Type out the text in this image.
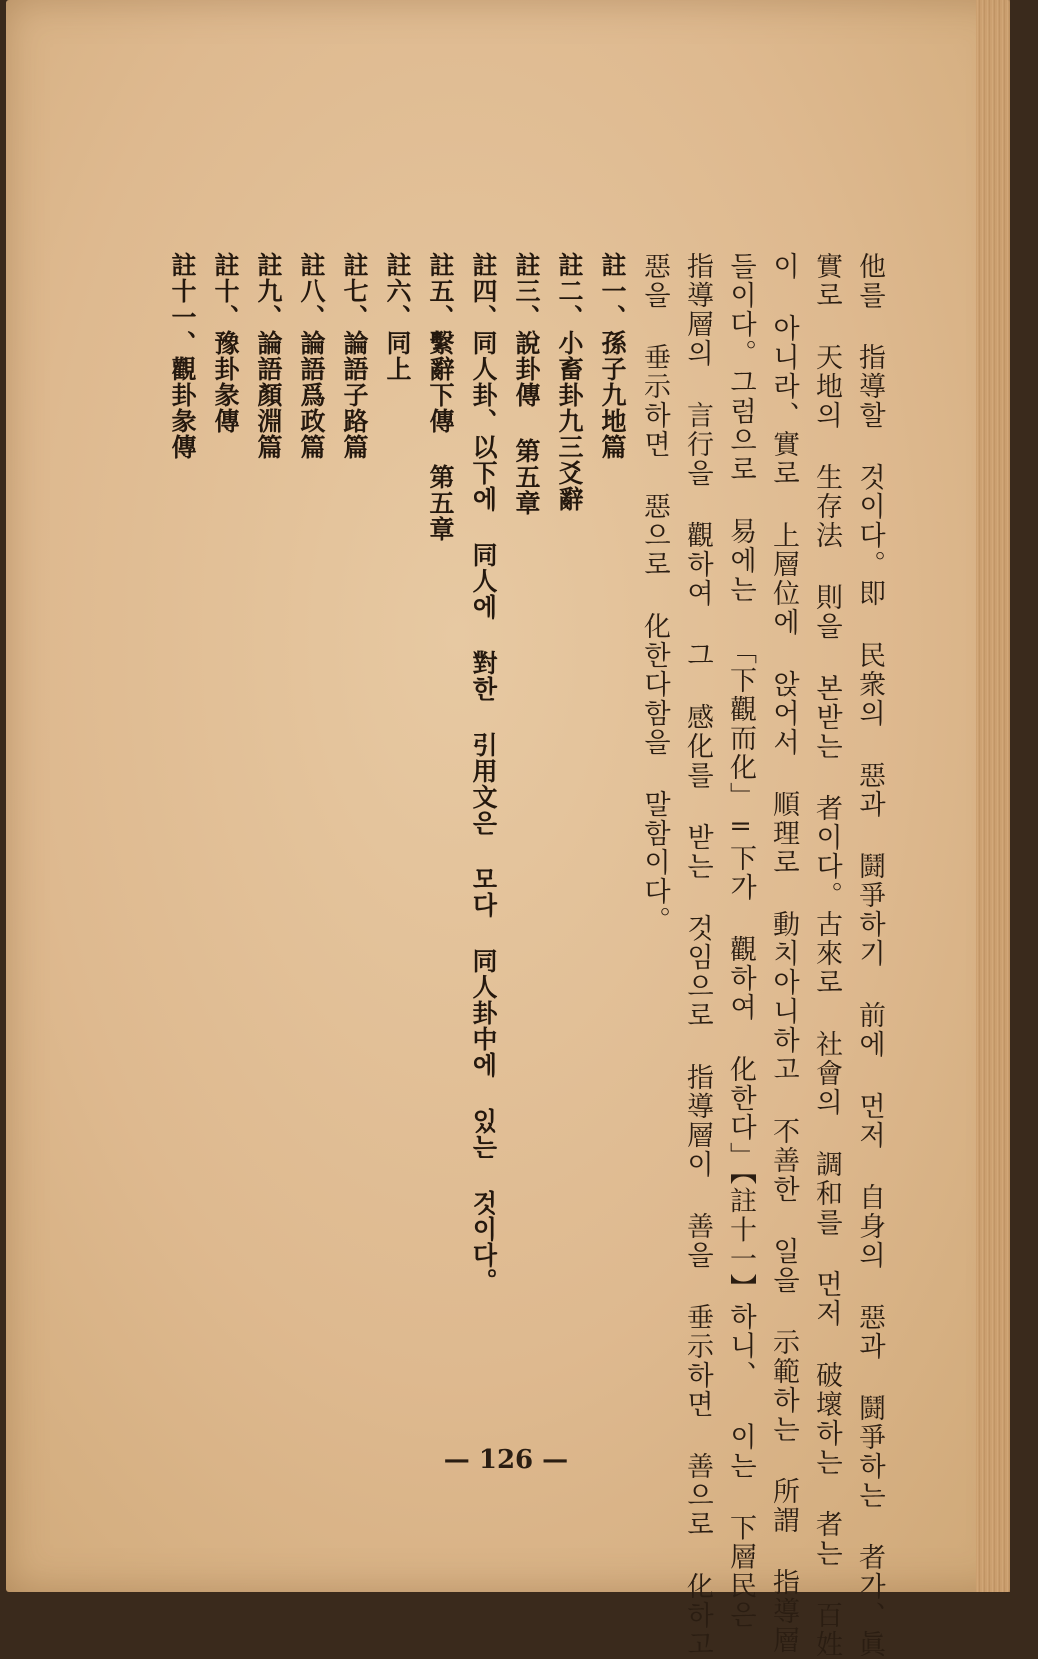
他를 指導할 것이다。即 民衆의 惡과 鬪爭하기 前에 먼저 自身의 惡과 鬪爭하는 者가、眞
實로 天地의 生存法 則을 본받는 者이다。古來로 社會의 調和를 먼저 破壞하는 者는 百姓
이 아니라、實로 上層位에 앉어서 順理로 動치아니하고 不善한 일을 示範하는 所謂 指導層
들이다。그럼으로 易에는 「下觀而化」=下가 觀하여 化한다」【註十一】하니、 이는 下層民은
指導層의 言行을 觀하여 그 感化를 받는 것임으로 指導層이 善을 垂示하면 善으로 化하고
惡을 垂示하면 惡으로 化한다함을 말함이다。
註一、孫子九地篇
註二、小畜卦九三爻辭
註三、說卦傳 第五章
註四、同人卦、以下에 同人에 對한 引用文은 모다 同人卦中에 있는 것이다。
註五、繫辭下傳 第五章
註六、同上
註七、論語子路篇
註八、論語爲政篇
註九、論語顏淵篇
註十、豫卦彖傳
註十一、觀卦彖傳
— 126 —
